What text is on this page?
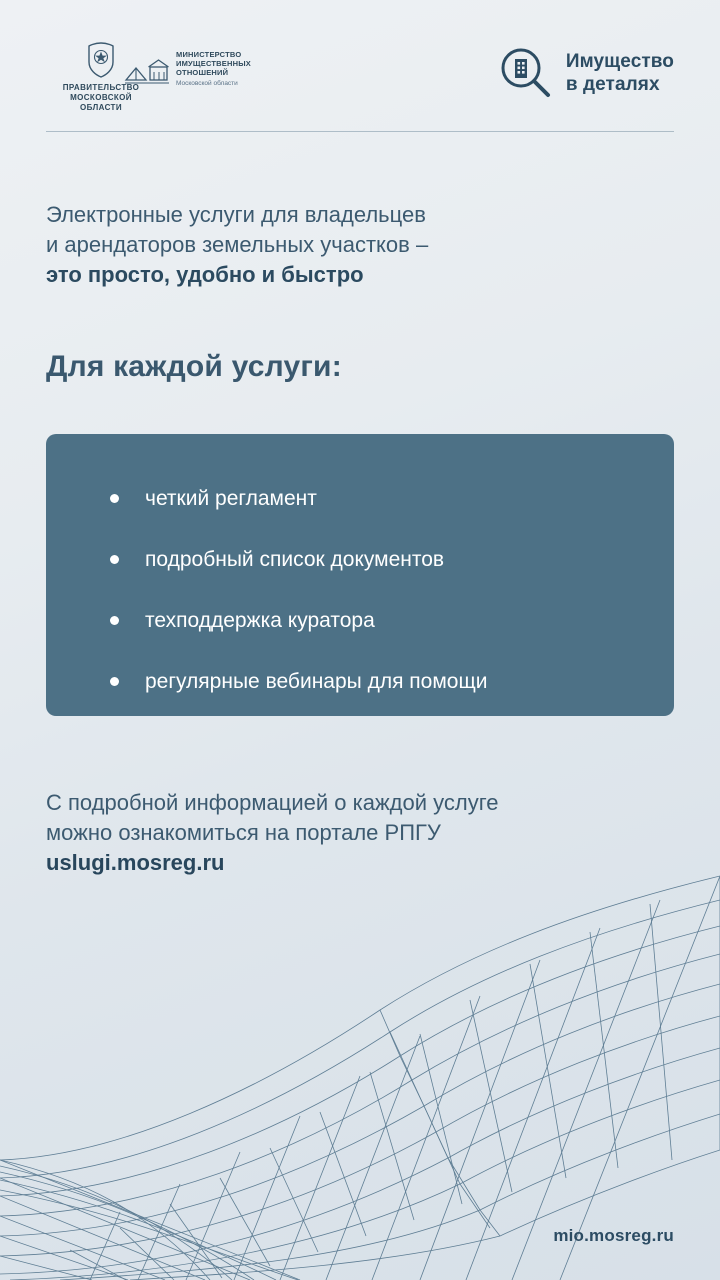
ПРАВИТЕЛЬСТВО
МОСКОВСКОЙ
ОБЛАСТИ
МИНИСТЕРСТВО
ИМУЩЕСТВЕННЫХ
ОТНОШЕНИЙ
Московской области
Имущество
в деталях
Электронные услуги для владельцев
и арендаторов земельных участков –
это просто, удобно и быстро
Для каждой услуги:
четкий регламент
подробный список документов
техподдержка куратора
регулярные вебинары для помощи
С подробной информацией о каждой услуге
можно ознакомиться на портале РПГУ
uslugi.mosreg.ru
mio.mosreg.ru
